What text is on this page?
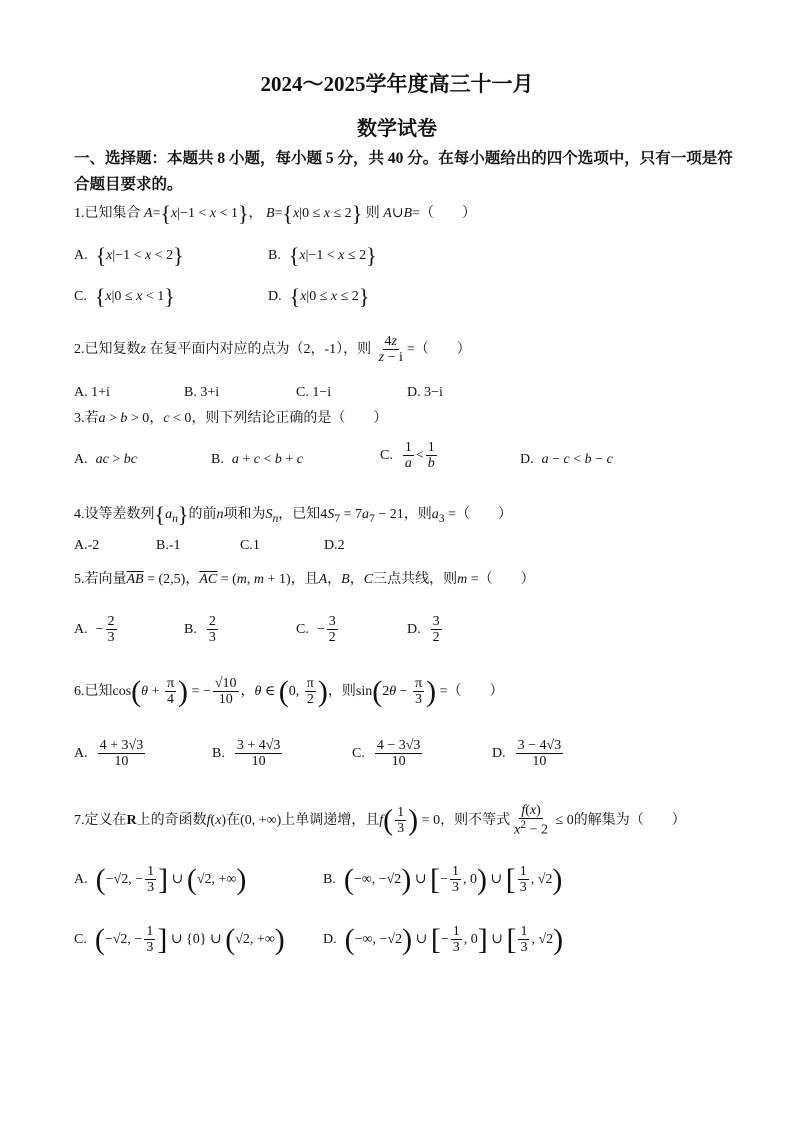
2024～2025学年度高三十一月
数学试卷
一、选择题：本题共 8 小题，每小题 5 分，共 40 分。在每小题给出的四个选项中，只有一项是符合题目要求的。
1.已知集合 A={x|−1 < x < 1}， B={x|0 ≤ x ≤ 2} 则 A∪B=（　　）
A. {x|−1 < x < 2}	B. {x|−1 < x ≤ 2}
C. {x|0 ≤ x < 1}	D. {x|0 ≤ x ≤ 2}
2.已知复数z 在复平面内对应的点为（2，-1），则 $\frac{4z}{z - i}$ =（　　）
A. 1+i	B. 3+i	C. 1−i	D. 3−i
3.若a > b > 0，c < 0，则下列结论正确的是（　　）
A. ac > bc	B. a + c < b + c	C. $\frac{1}{a} < \frac{1}{b}$	D. a − c < b − c
4.设等差数列$\{a_n\}$的前n项和为$S_n$，已知$4S_7 = 7a_7 - 21$，则$a_3$ =（　　）
A.-2	B.-1	C.1	D.2
5.若向量$\overline{AB} = (2,5)$，$\overline{AC} = (m$, m + 1)，且A，B，C三点共线，则m =（　　）
A. − $\frac{2}{3}$	B. $\frac{2}{3}$	C. − $\frac{3}{2}$	D. $\frac{3}{2}$
6.已知$\cos(\theta + \frac{\pi}{4}$ ) = − $\frac{√10}{10}$ ，θ ∈ (0, $\frac{\pi}{2}$ )，则$\sin(2\theta - \frac{\pi}{3}$ ) =（　　）
A. $\frac{4 + 3√3}{10}$	B. $\frac{3 + 4√3}{10}$	C. $\frac{4 - 3√3}{10}$	D. $\frac{3 - 4√3}{10}$
7.定义在R上的奇函数f(x)在(0, +∞)上单调递增，且$f( \frac{1}{3}$ ) = 0，则不等式 $\frac{f(x)}{x^2 - 2} \le 0$的解集为（　　）
A. (−√2, − $\frac{1}{3}$ ] ∪ (√2, +∞)	B. (−∞, −√2) ∪ [− $\frac{1}{3}$ , 0) ∪ [ $\frac{1}{3}$ , √2)
C. (−√2, − $\frac{1}{3}$ ] ∪ {0} ∪ (√2, +∞)	D. (−∞, −√2) ∪ [− $\frac{1}{3}$ , 0] ∪ [ $\frac{1}{3}$ , √2)
